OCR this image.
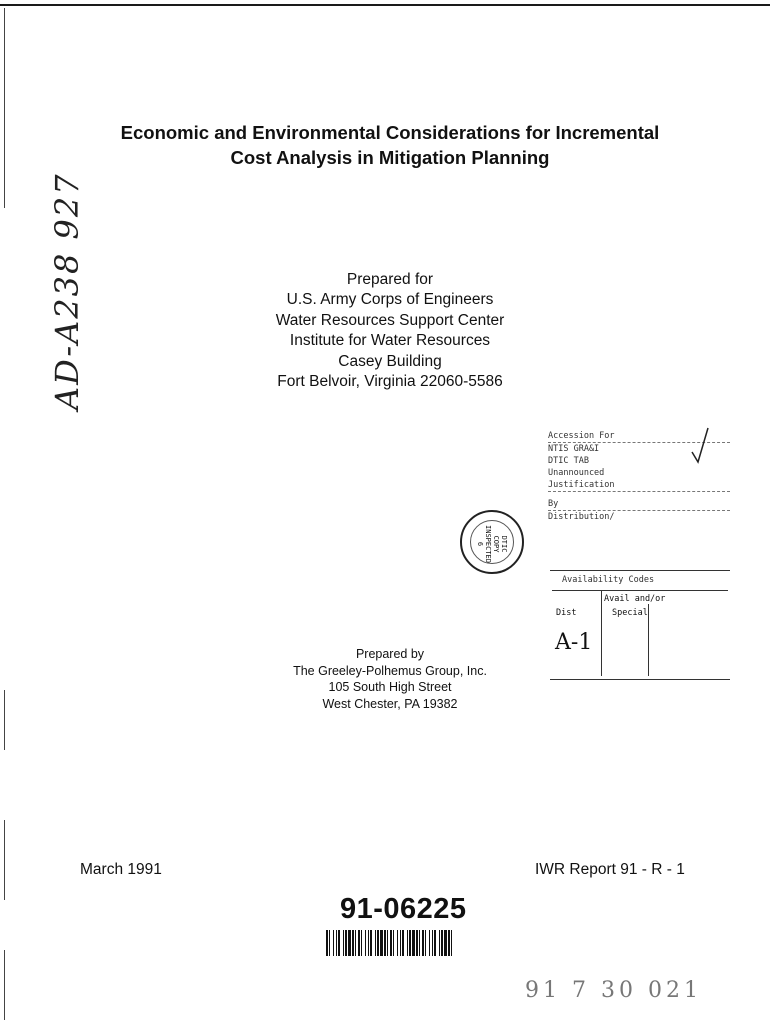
Economic and Environmental Considerations for Incremental
Cost Analysis in Mitigation Planning
AD-A238 927	Prepared for
U.S. Army Corps of Engineers
Water Resources Support Center
Institute for Water Resources
Casey Building
Fort Belvoir, Virginia 22060-5586
Accession For
NTIS GRA&I
DTIC TAB
Unannounced
Justification
By
Distribution/
Availability Codes
Avail and/or
Dist	Special
A-1
DTIC
COPY
INSPECTED
6
Prepared by
The Greeley-Polhemus Group, Inc.
105 South High Street
West Chester, PA 19382
March 1991	IWR Report 91 - R - 1
91-06225
91 7 30 021
